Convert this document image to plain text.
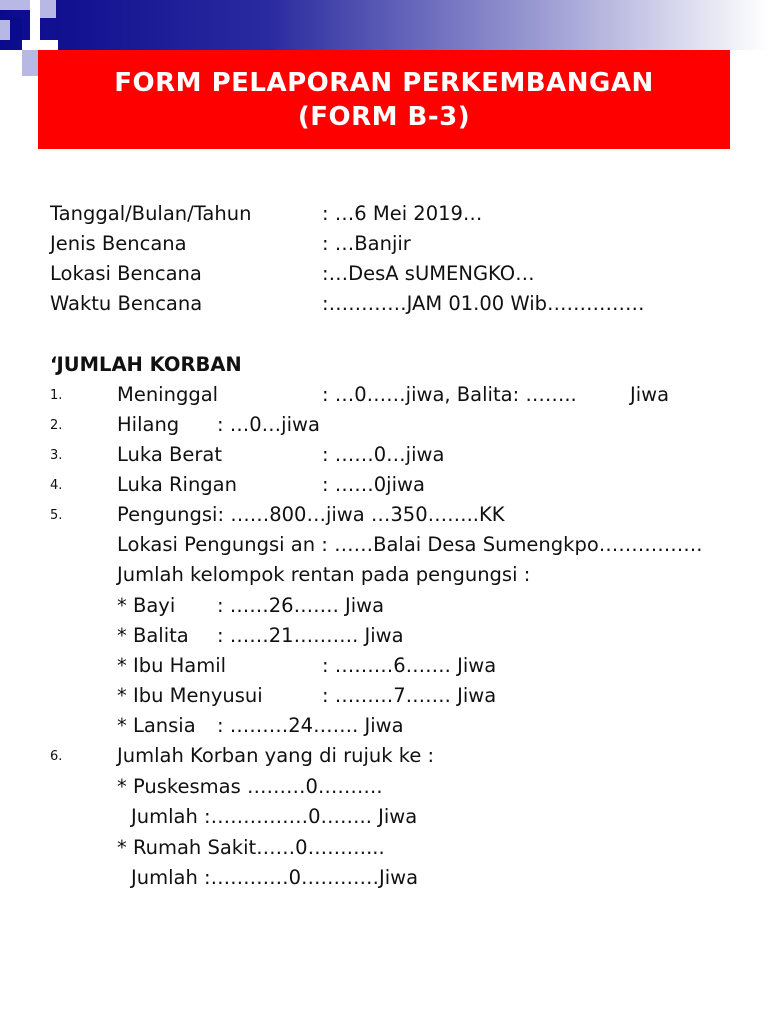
FORM PELAPORAN PERKEMBANGAN
(FORM B-3)
Tanggal/Bulan/Tahun	: …6 Mei 2019…
Jenis Bencana	: …Banjir
Lokasi Bencana	:…DesA sUMENGKO…
Waktu Bencana	:…………JAM 01.00 Wib……………
‘JUMLAH KORBAN
1.	Meninggal	: …0……jiwa, Balita: ……..	Jiwa
2.	Hilang : …0…jiwa
3.	Luka Berat	: ……0…jiwa
4.	Luka Ringan	: ……0jiwa
5.	Pengungsi: ……800…jiwa …350……..KK
Lokasi Pengungsi an : ……Balai Desa Sumengkpo…………….
Jumlah kelompok rentan pada pengungsi :
* Bayi : ……26……. Jiwa
* Balita : ……21………. Jiwa
* Ibu Hamil	: ………6……. Jiwa
* Ibu Menyusui	: ………7……. Jiwa
* Lansia : ………24……. Jiwa
6.	Jumlah Korban yang di rujuk ke :
* Puskesmas ………0……….
Jumlah :……………0…….. Jiwa
* Rumah Sakit……0………...
Jumlah :…………0…………Jiwa
